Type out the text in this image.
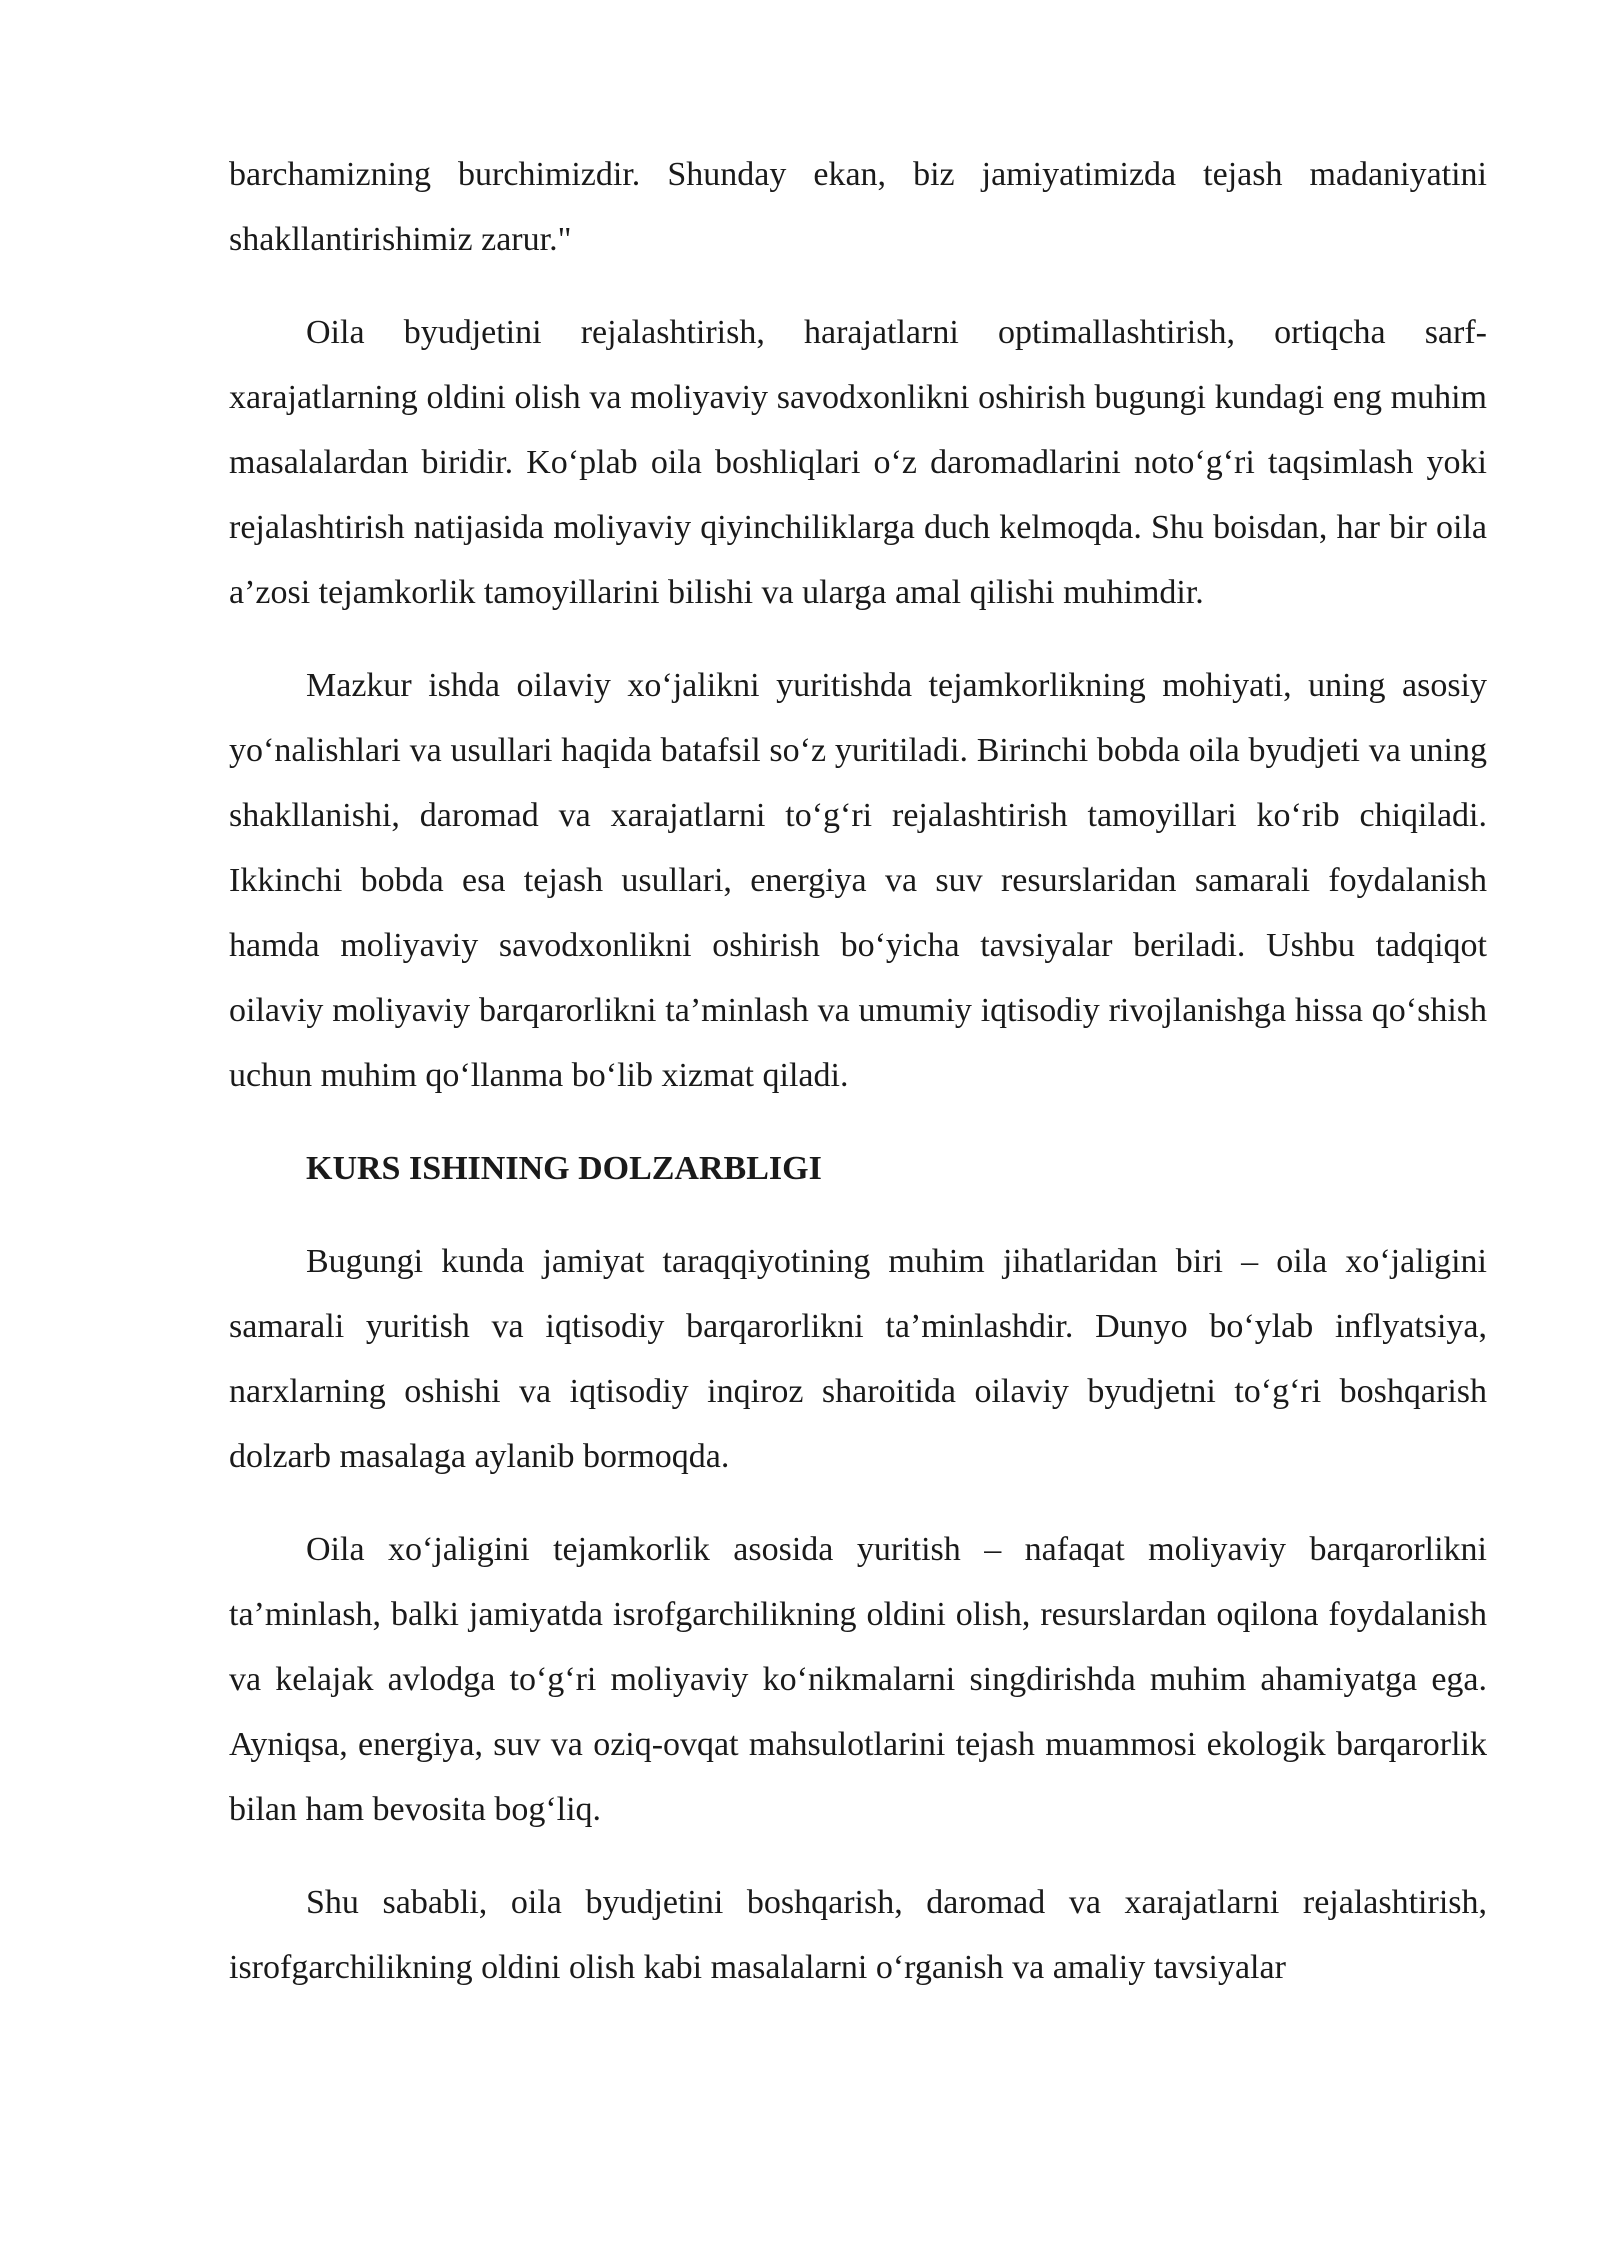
barchamizning burchimizdir. Shunday ekan, biz jamiyatimizda tejash madaniyatini shakllantirishimiz zarur."

Oila byudjetini rejalashtirish, harajatlarni optimallashtirish, ortiqcha sarf-xarajatlarning oldini olish va moliyaviy savodxonlikni oshirish bugungi kundagi eng muhim masalalardan biridir. Ko‘plab oila boshliqlari o‘z daromadlarini noto‘g‘ri taqsimlash yoki rejalashtirish natijasida moliyaviy qiyinchiliklarga duch kelmoqda. Shu boisdan, har bir oila a’zosi tejamkorlik tamoyillarini bilishi va ularga amal qilishi muhimdir.

Mazkur ishda oilaviy xo‘jalikni yuritishda tejamkorlikning mohiyati, uning asosiy yo‘nalishlari va usullari haqida batafsil so‘z yuritiladi. Birinchi bobda oila byudjeti va uning shakllanishi, daromad va xarajatlarni to‘g‘ri rejalashtirish tamoyillari ko‘rib chiqiladi. Ikkinchi bobda esa tejash usullari, energiya va suv resurslaridan samarali foydalanish hamda moliyaviy savodxonlikni oshirish bo‘yicha tavsiyalar beriladi. Ushbu tadqiqot oilaviy moliyaviy barqarorlikni ta’minlash va umumiy iqtisodiy rivojlanishga hissa qo‘shish uchun muhim qo‘llanma bo‘lib xizmat qiladi.

KURS ISHINING DOLZARBLIGI

Bugungi kunda jamiyat taraqqiyotining muhim jihatlaridan biri – oila xo‘jaligini samarali yuritish va iqtisodiy barqarorlikni ta’minlashdir. Dunyo bo‘ylab inflyatsiya, narxlarning oshishi va iqtisodiy inqiroz sharoitida oilaviy byudjetni to‘g‘ri boshqarish dolzarb masalaga aylanib bormoqda.

Oila xo‘jaligini tejamkorlik asosida yuritish – nafaqat moliyaviy barqarorlikni ta’minlash, balki jamiyatda isrofgarchilikning oldini olish, resurslardan oqilona foydalanish va kelajak avlodga to‘g‘ri moliyaviy ko‘nikmalarni singdirishda muhim ahamiyatga ega. Ayniqsa, energiya, suv va oziq-ovqat mahsulotlarini tejash muammosi ekologik barqarorlik bilan ham bevosita bog‘liq.

Shu sababli, oila byudjetini boshqarish, daromad va xarajatlarni rejalashtirish, isrofgarchilikning oldini olish kabi masalalarni o‘rganish va amaliy tavsiyalar
